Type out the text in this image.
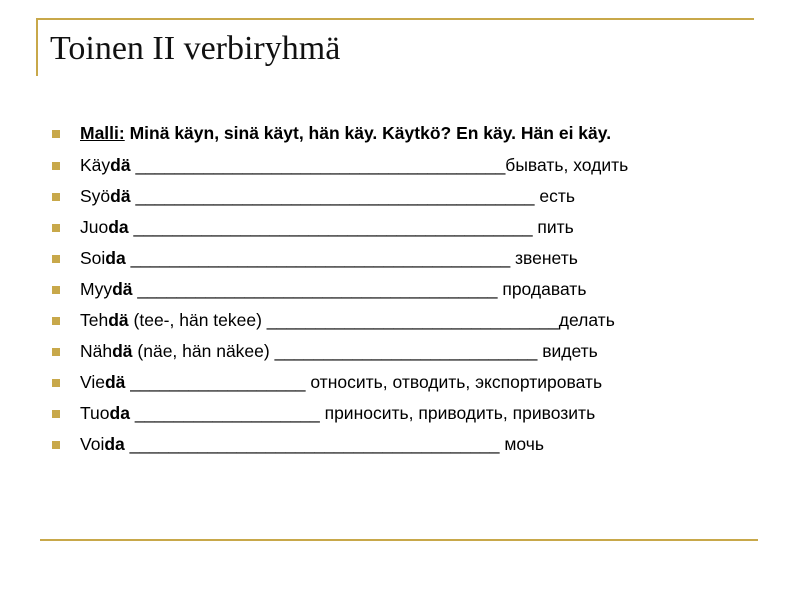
Toinen II verbiryhmä
Malli: Minä käyn, sinä käyt, hän käy. Käytkö? En käy. Hän ei käy.
Käydä ______________________________________бывать, ходить
Syödä _________________________________________ есть
Juoda _________________________________________ пить
Soida _______________________________________ звенеть
Myydä _____________________________________ продавать
Tehdä (tee-, hän tekee) ______________________________делать
Nähdä (näe, hän näkee) ___________________________ видеть
Viedä __________________ относить, отводить, экспортировать
Tuoda ___________________ приносить, приводить, привозить
Voida ______________________________________ мочь
